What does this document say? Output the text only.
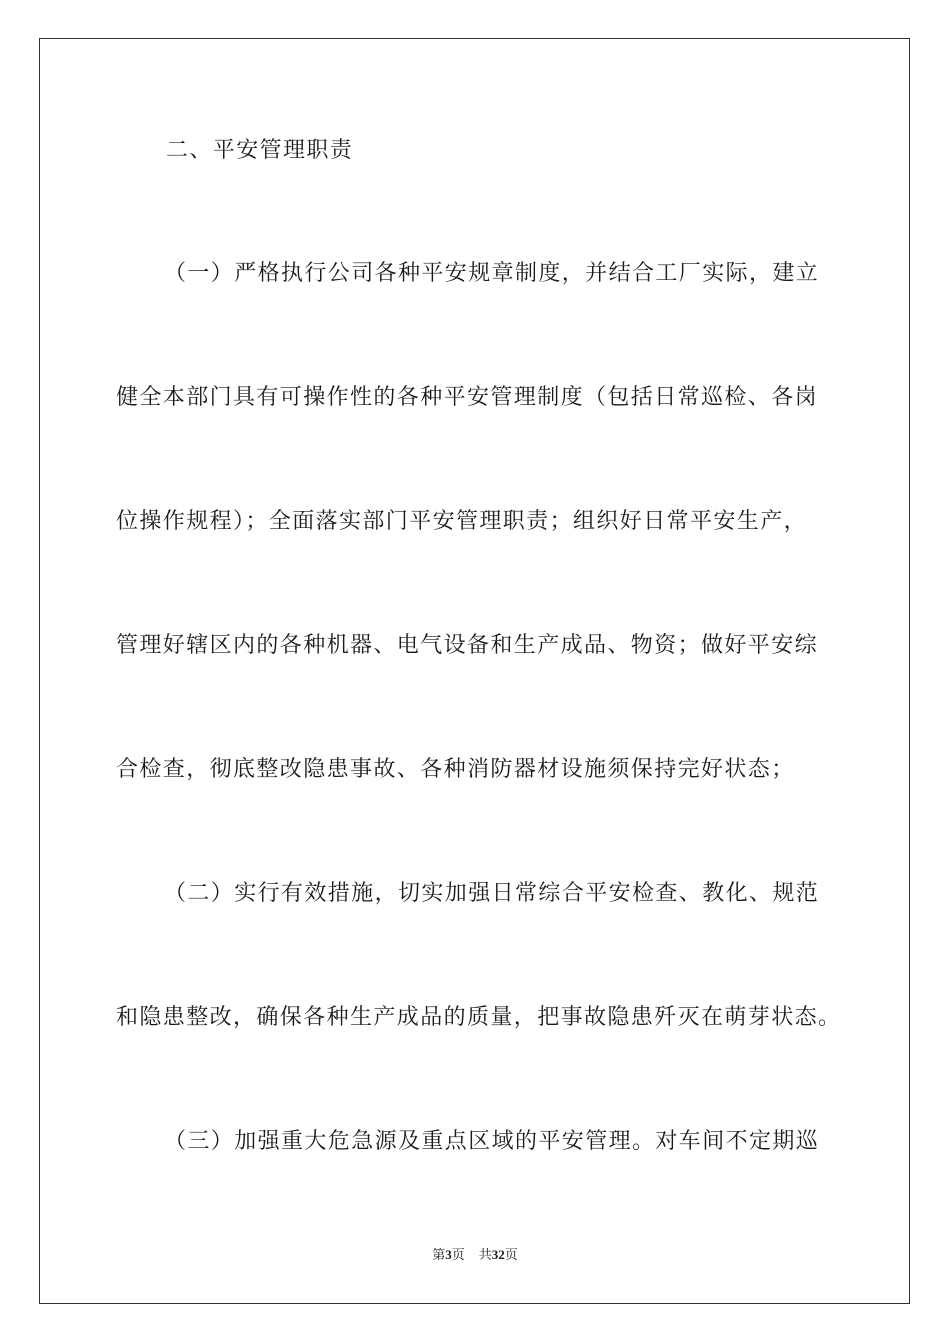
二、平安管理职责
（一）严格执行公司各种平安规章制度，并结合工厂实际，建立
健全本部门具有可操作性的各种平安管理制度（包括日常巡检、各岗
位操作规程）；全面落实部门平安管理职责；组织好日常平安生产，
管理好辖区内的各种机器、电气设备和生产成品、物资；做好平安综
合检查，彻底整改隐患事故、各种消防器材设施须保持完好状态；
（二）实行有效措施，切实加强日常综合平安检查、教化、规范
和隐患整改，确保各种生产成品的质量，把事故隐患歼灭在萌芽状态。
（三）加强重大危急源及重点区域的平安管理。对车间不定期巡
第3页 共32页
